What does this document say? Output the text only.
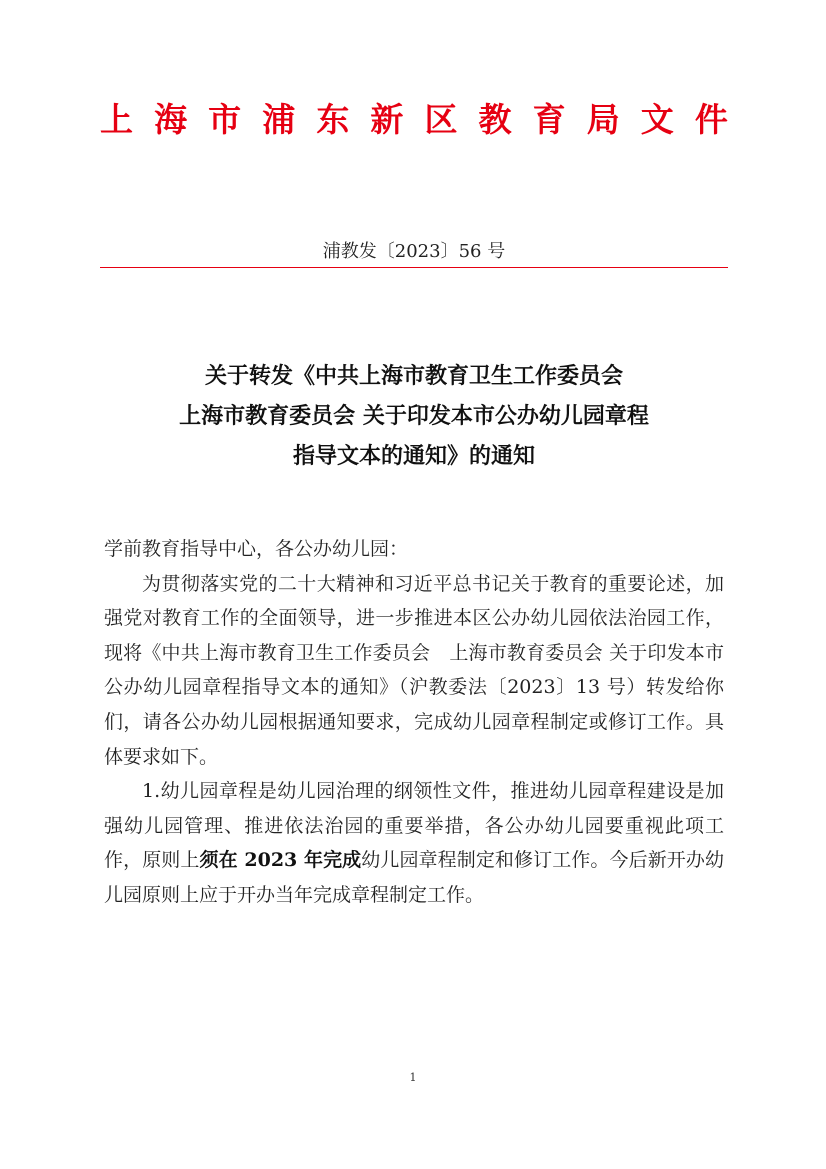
上 海 市 浦 东 新 区 教 育 局 文 件
浦教发〔2023〕56 号
关于转发《中共上海市教育卫生工作委员会
上海市教育委员会 关于印发本市公办幼儿园章程
指导文本的通知》的通知

学前教育指导中心，各公办幼儿园：

为贯彻落实党的二十大精神和习近平总书记关于教育的重要论述，加强党对教育工作的全面领导，进一步推进本区公办幼儿园依法治园工作，现将《中共上海市教育卫生工作委员会　上海市教育委员会 关于印发本市公办幼儿园章程指导文本的通知》（沪教委法〔2023〕13 号）转发给你们，请各公办幼儿园根据通知要求，完成幼儿园章程制定或修订工作。具体要求如下。

1.幼儿园章程是幼儿园治理的纲领性文件，推进幼儿园章程建设是加强幼儿园管理、推进依法治园的重要举措，各公办幼儿园要重视此项工作，原则上须在 2023 年完成幼儿园章程制定和修订工作。今后新开办幼儿园原则上应于开办当年完成章程制定工作。

1
